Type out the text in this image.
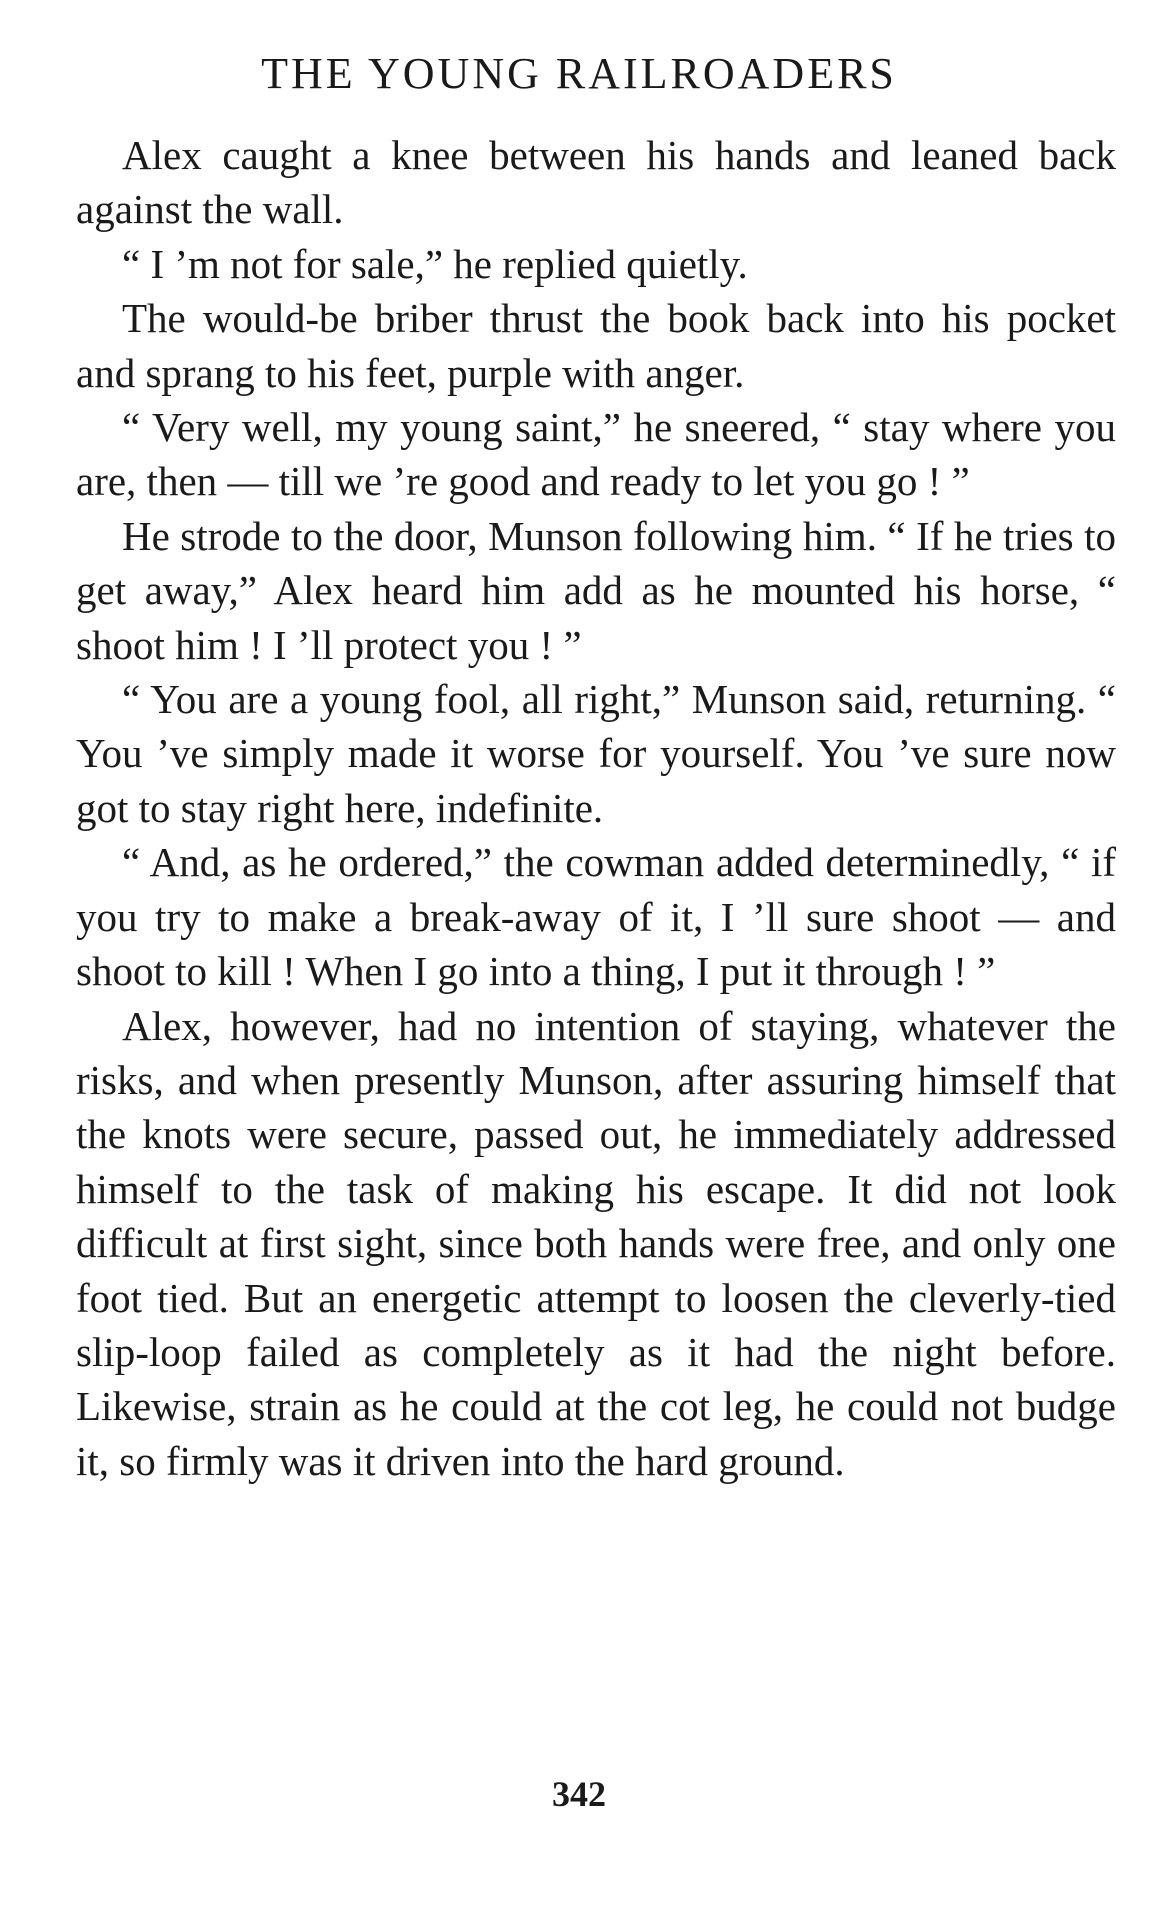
THE YOUNG RAILROADERS

Alex caught a knee between his hands and leaned back against the wall.

“ I ’m not for sale,” he replied quietly.

The would-be briber thrust the book back into his pocket and sprang to his feet, purple with anger.

“ Very well, my young saint,” he sneered, “ stay where you are, then — till we ’re good and ready to let you go ! ”

He strode to the door, Munson following him. “ If he tries to get away,” Alex heard him add as he mounted his horse, “ shoot him ! I ’ll protect you ! ”

“ You are a young fool, all right,” Munson said, returning. “ You ’ve simply made it worse for yourself. You ’ve sure now got to stay right here, indefinite.

“ And, as he ordered,” the cowman added determinedly, “ if you try to make a break-away of it, I ’ll sure shoot — and shoot to kill ! When I go into a thing, I put it through ! ”

Alex, however, had no intention of staying, whatever the risks, and when presently Munson, after assuring himself that the knots were secure, passed out, he immediately addressed himself to the task of making his escape. It did not look difficult at first sight, since both hands were free, and only one foot tied. But an energetic attempt to loosen the cleverly-tied slip-loop failed as completely as it had the night before. Likewise, strain as he could at the cot leg, he could not budge it, so firmly was it driven into the hard ground.

342
